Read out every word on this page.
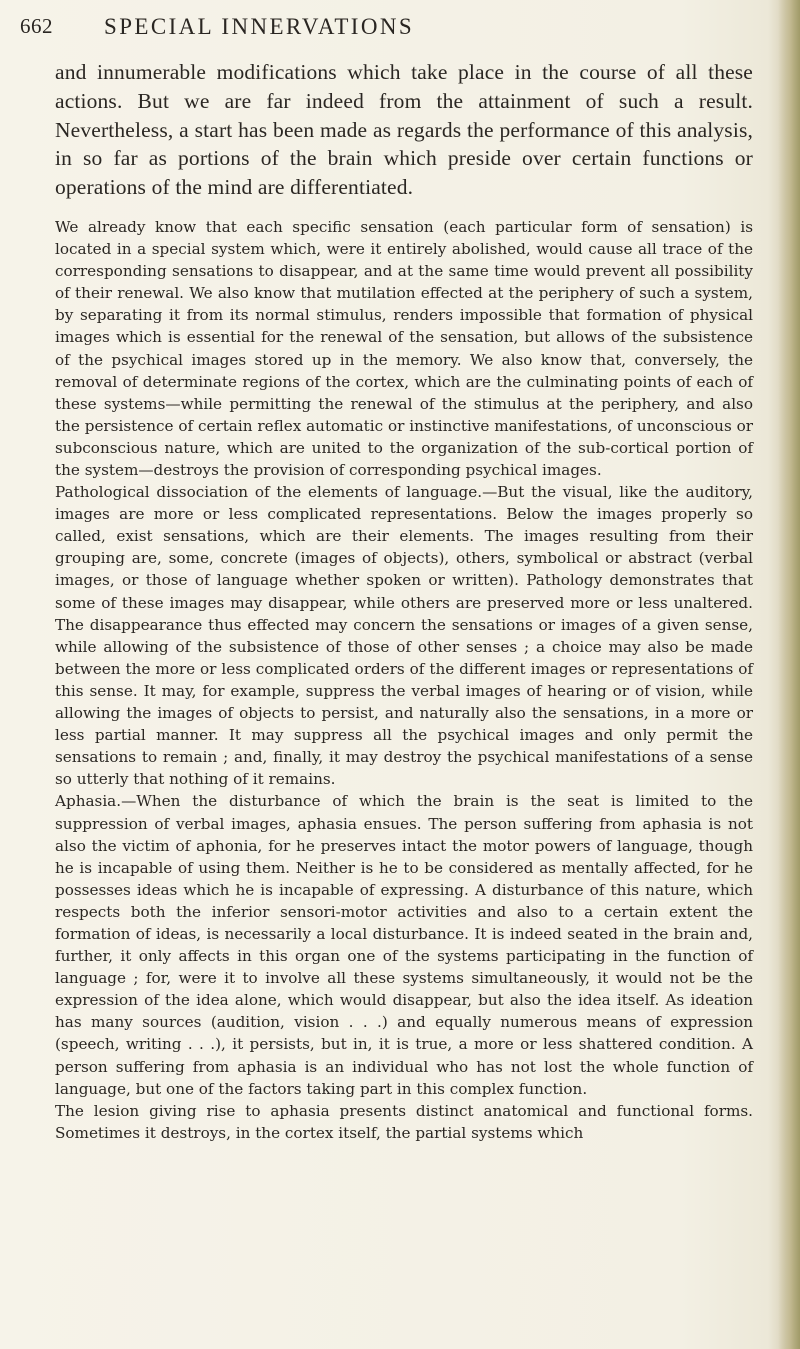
662 SPECIAL INNERVATIONS

and innumerable modifications which take place in the course of all these actions. But we are far indeed from the attainment of such a result. Nevertheless, a start has been made as regards the performance of this analysis, in so far as portions of the brain which preside over certain functions or operations of the mind are differentiated.

We already know that each specific sensation (each particular form of sensation) is located in a special system which, were it entirely abolished, would cause all trace of the corresponding sensations to disappear, and at the same time would prevent all possibility of their renewal. We also know that mutilation effected at the periphery of such a system, by separating it from its normal stimulus, renders impossible that formation of physical images which is essential for the renewal of the sensation, but allows of the subsistence of the psychical images stored up in the memory. We also know that, conversely, the removal of determinate regions of the cortex, which are the culminating points of each of these systems—while permitting the renewal of the stimulus at the periphery, and also the persistence of certain reflex automatic or instinctive manifestations, of unconscious or subconscious nature, which are united to the organization of the sub-cortical portion of the system—destroys the provision of corresponding psychical images.

Pathological dissociation of the elements of language.—But the visual, like the auditory, images are more or less complicated representations. Below the images properly so called, exist sensations, which are their elements. The images resulting from their grouping are, some, concrete (images of objects), others, symbolical or abstract (verbal images, or those of language whether spoken or written). Pathology demonstrates that some of these images may disappear, while others are preserved more or less unaltered. The disappearance thus effected may concern the sensations or images of a given sense, while allowing of the subsistence of those of other senses ; a choice may also be made between the more or less complicated orders of the different images or representations of this sense. It may, for example, suppress the verbal images of hearing or of vision, while allowing the images of objects to persist, and naturally also the sensations, in a more or less partial manner. It may suppress all the psychical images and only permit the sensations to remain ; and, finally, it may destroy the psychical manifestations of a sense so utterly that nothing of it remains.

Aphasia.—When the disturbance of which the brain is the seat is limited to the suppression of verbal images, aphasia ensues. The person suffering from aphasia is not also the victim of aphonia, for he preserves intact the motor powers of language, though he is incapable of using them. Neither is he to be considered as mentally affected, for he possesses ideas which he is incapable of expressing. A disturbance of this nature, which respects both the inferior sensori-motor activities and also to a certain extent the formation of ideas, is necessarily a local disturbance. It is indeed seated in the brain and, further, it only affects in this organ one of the systems participating in the function of language ; for, were it to involve all these systems simultaneously, it would not be the expression of the idea alone, which would disappear, but also the idea itself. As ideation has many sources (audition, vision . . .) and equally numerous means of expression (speech, writing . . .), it persists, but in, it is true, a more or less shattered condition. A person suffering from aphasia is an individual who has not lost the whole function of language, but one of the factors taking part in this complex function.

The lesion giving rise to aphasia presents distinct anatomical and functional forms. Sometimes it destroys, in the cortex itself, the partial systems which
